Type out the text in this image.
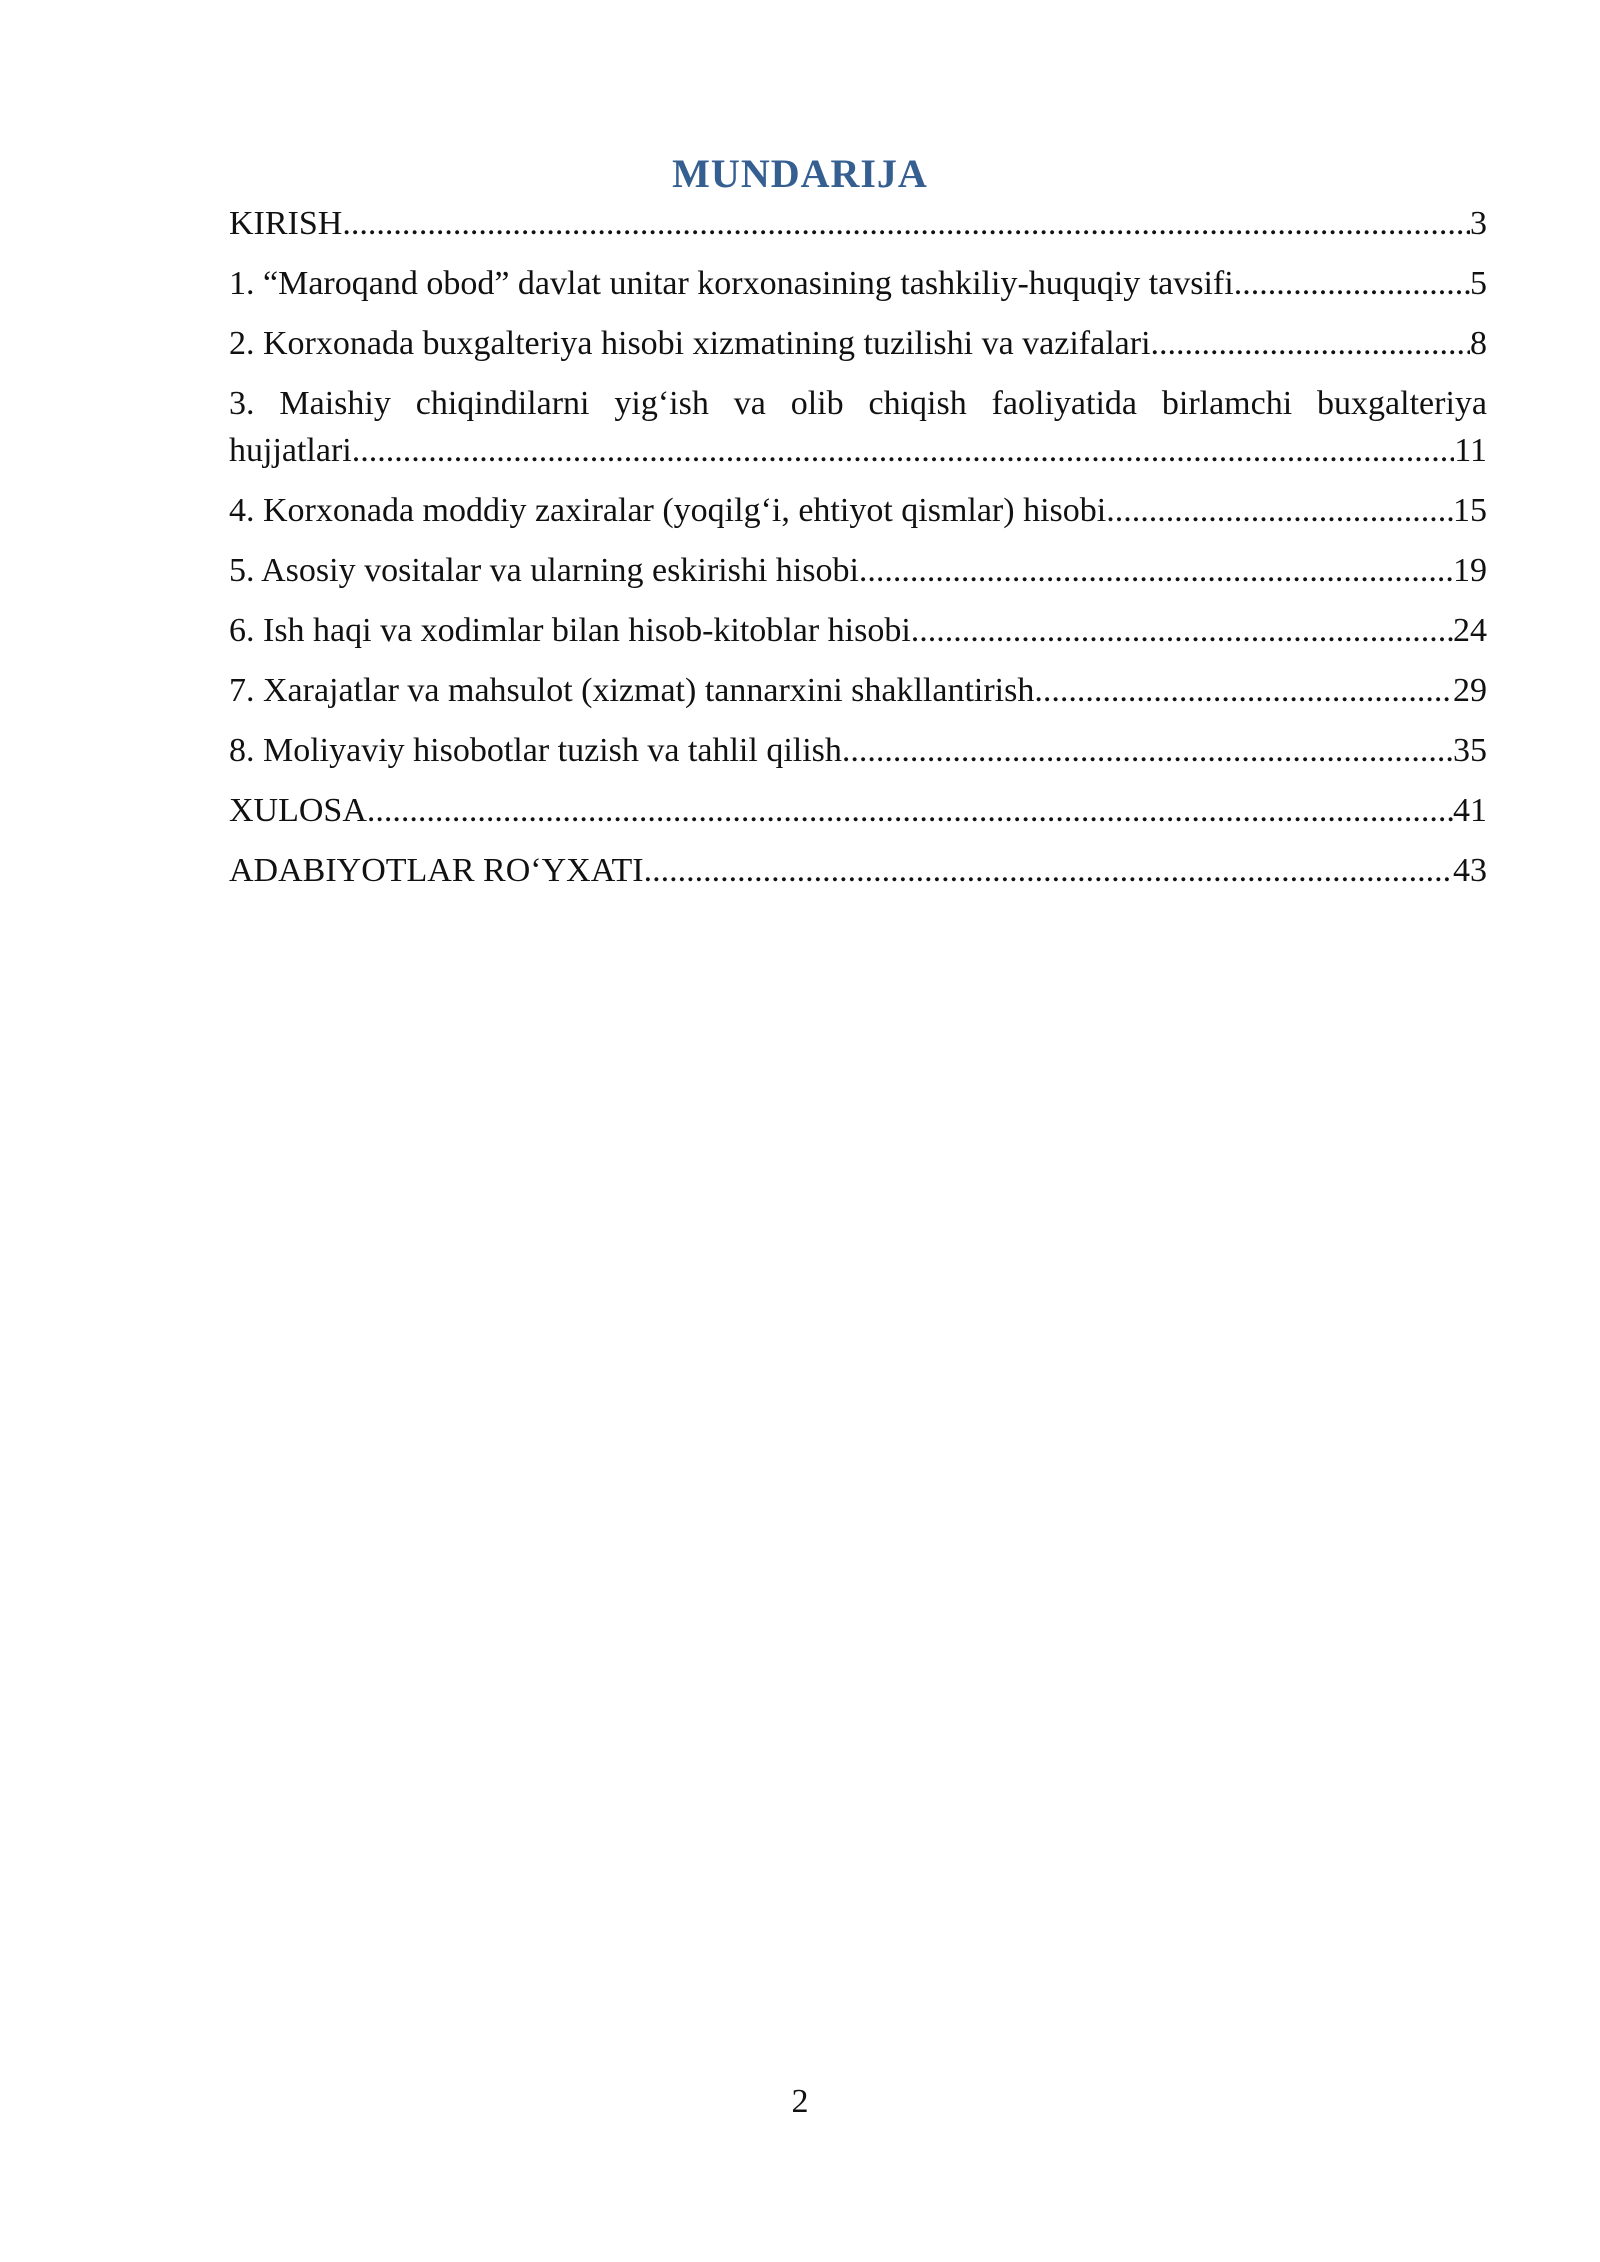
MUNDARIJA
KIRISH .....	3
1. “Maroqand obod” davlat unitar korxonasining tashkiliy-huquqiy tavsifi .....	5
2. Korxonada buxgalteriya hisobi xizmatining tuzilishi va vazifalari .....	8
3. Maishiy chiqindilarni yig‘ish va olib chiqish faoliyatida birlamchi buxgalteriya
hujjatlari .....	11
4. Korxonada moddiy zaxiralar (yoqilg‘i, ehtiyot qismlar) hisobi .....	15
5. Asosiy vositalar va ularning eskirishi hisobi .....	19
6. Ish haqi va xodimlar bilan hisob-kitoblar hisobi .....	24
7. Xarajatlar va mahsulot (xizmat) tannarxini shakllantirish .....	29
8. Moliyaviy hisobotlar tuzish va tahlil qilish .....	35
XULOSA .....	41
ADABIYOTLAR RO‘YXATI .....	43
2
